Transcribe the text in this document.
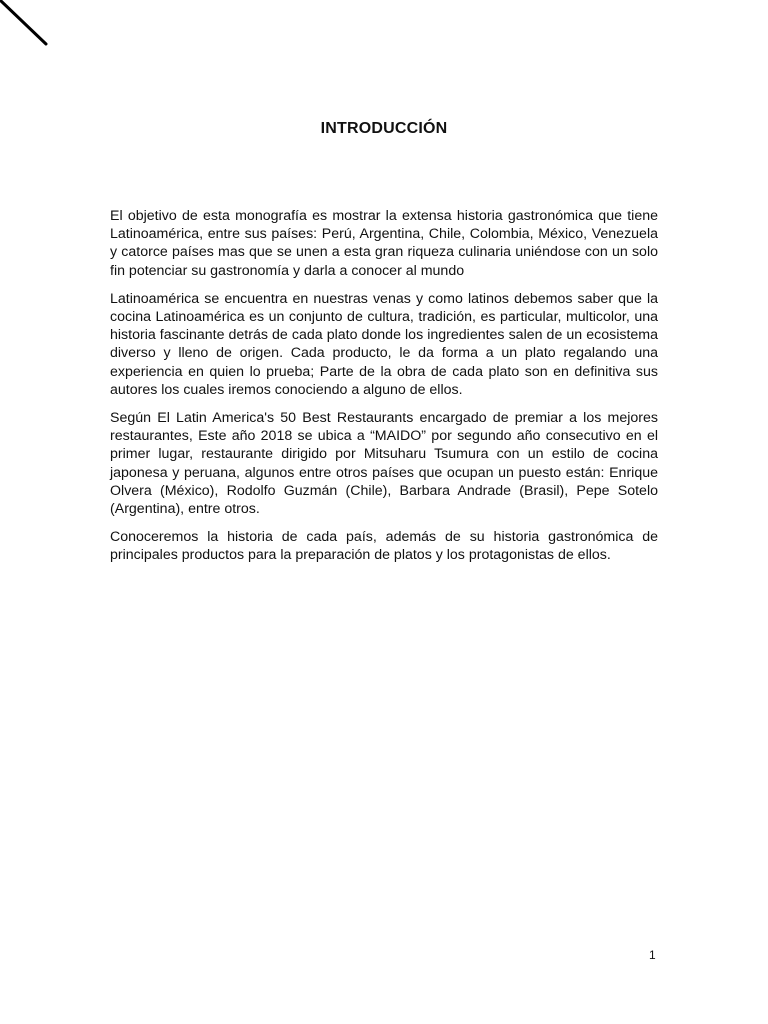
INTRODUCCIÓN

El objetivo de esta monografía es mostrar la extensa historia gastronómica que tiene Latinoamérica, entre sus países: Perú, Argentina, Chile, Colombia, México, Venezuela y catorce países mas que se unen a esta gran riqueza culinaria uniéndose con un solo fin potenciar su gastronomía y darla a conocer al mundo

Latinoamérica se encuentra en nuestras venas y como latinos debemos saber que la cocina Latinoamérica es un conjunto de cultura, tradición, es particular, multicolor, una historia fascinante detrás de cada plato donde los ingredientes salen de un ecosistema diverso y lleno de origen. Cada producto, le da forma a un plato regalando una experiencia en quien lo prueba; Parte de la obra de cada plato son en definitiva sus autores los cuales iremos conociendo a alguno de ellos.

Según El Latin America's 50 Best Restaurants encargado de premiar a los mejores restaurantes, Este año 2018 se ubica a “MAIDO” por segundo año consecutivo en el primer lugar, restaurante dirigido por Mitsuharu Tsumura con un estilo de cocina japonesa y peruana, algunos entre otros países que ocupan un puesto están: Enrique Olvera (México), Rodolfo Guzmán (Chile), Barbara Andrade (Brasil), Pepe Sotelo (Argentina), entre otros.

Conoceremos la historia de cada país, además de su historia gastronómica de principales productos para la preparación de platos y los protagonistas de ellos.

1
